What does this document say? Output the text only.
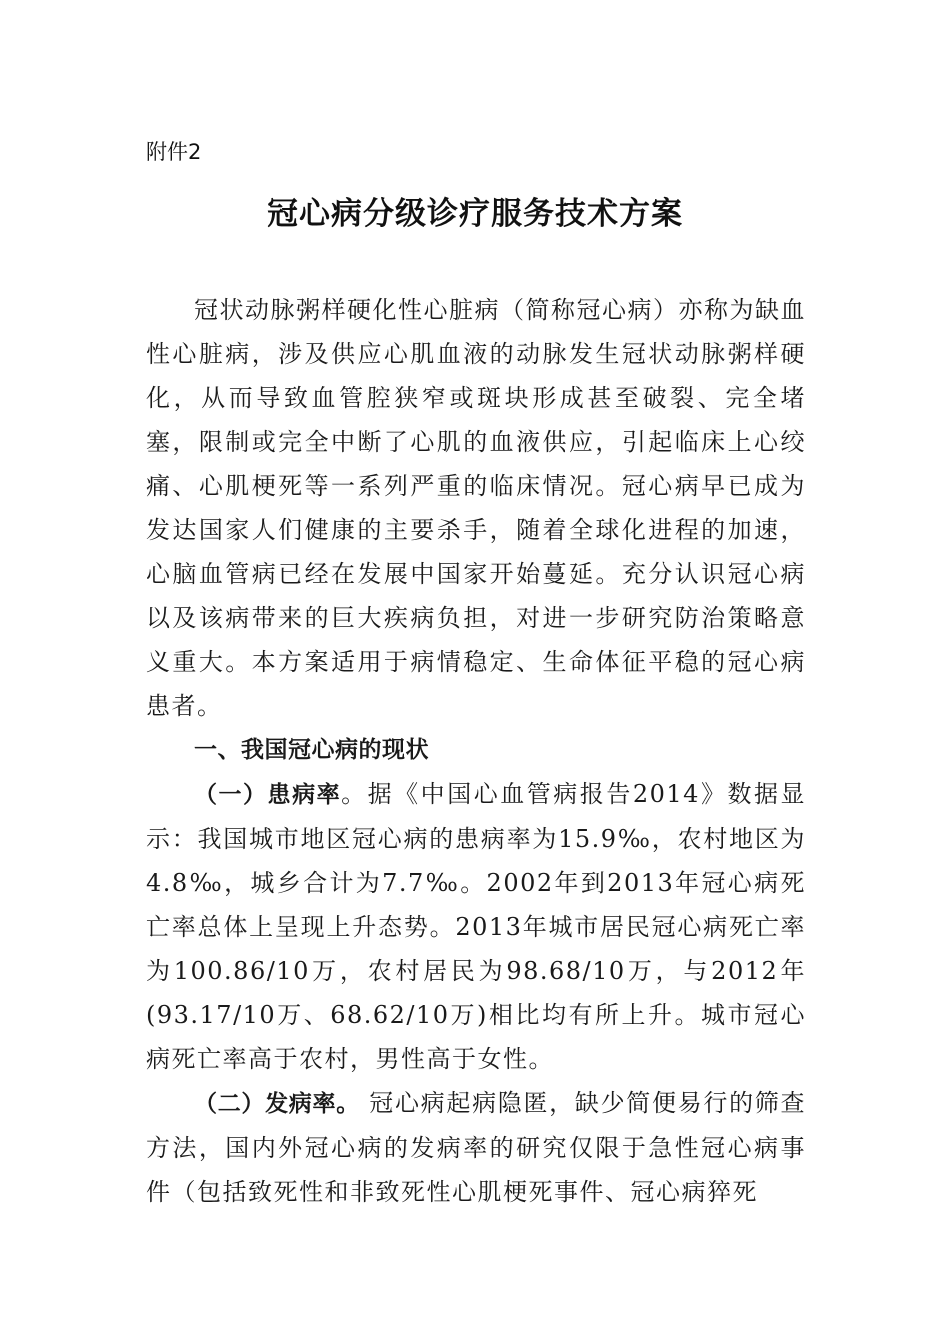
附件2
冠心病分级诊疗服务技术方案

冠状动脉粥样硬化性心脏病（简称冠心病）亦称为缺血性心脏病，涉及供应心肌血液的动脉发生冠状动脉粥样硬化，从而导致血管腔狭窄或斑块形成甚至破裂、完全堵塞，限制或完全中断了心肌的血液供应，引起临床上心绞痛、心肌梗死等一系列严重的临床情况。冠心病早已成为发达国家人们健康的主要杀手，随着全球化进程的加速，心脑血管病已经在发展中国家开始蔓延。充分认识冠心病以及该病带来的巨大疾病负担，对进一步研究防治策略意义重大。本方案适用于病情稳定、生命体征平稳的冠心病患者。

一、我国冠心病的现状

（一）患病率。据《中国心血管病报告2014》数据显示：我国城市地区冠心病的患病率为15.9‰，农村地区为4.8‰，城乡合计为7.7‰。2002年到2013年冠心病死亡率总体上呈现上升态势。2013年城市居民冠心病死亡率为100.86/10万，农村居民为98.68/10万，与2012年(93.17/10万、68.62/10万)相比均有所上升。城市冠心病死亡率高于农村，男性高于女性。

（二）发病率。 冠心病起病隐匿，缺少简便易行的筛查方法，国内外冠心病的发病率的研究仅限于急性冠心病事件（包括致死性和非致死性心肌梗死事件、冠心病猝死
